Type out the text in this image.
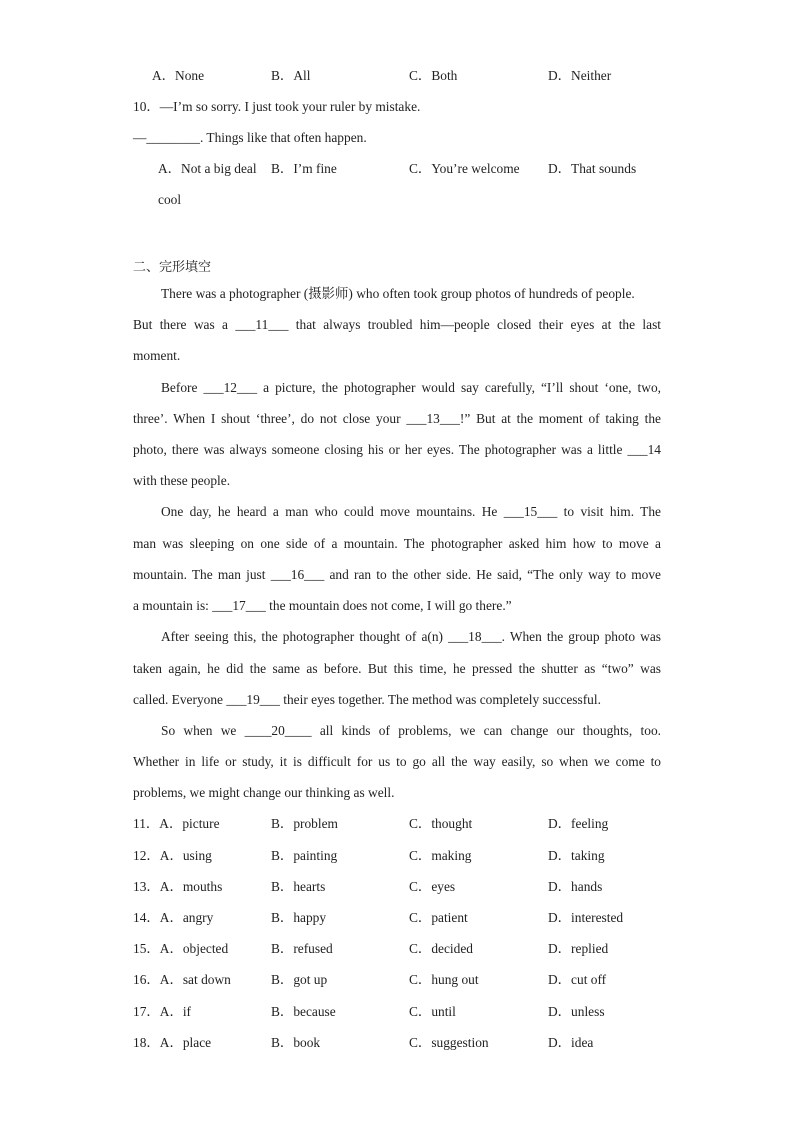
A．None	B．All	C．Both	D．Neither
10．—I’m so sorry. I just took your ruler by mistake.
—________. Things like that often happen.
A．Not a big deal B．I’m fine	C．You’re welcome D．That sounds
cool
二、完形填空
There was a photographer (摄影师) who often took group photos of hundreds of people.
But there was a ___11___ that always troubled him—people closed their eyes at the last
moment.
Before ___12___ a picture, the photographer would say carefully, “I’ll shout ‘one, two,
three’. When I shout ‘three’, do not close your ___13___!” But at the moment of taking the
photo, there was always someone closing his or her eyes. The photographer was a little ___14
with these people.
One day, he heard a man who could move mountains. He ___15___ to visit him. The
man was sleeping on one side of a mountain. The photographer asked him how to move a
mountain. The man just ___16___ and ran to the other side. He said, “The only way to move
a mountain is: ___17___ the mountain does not come, I will go there.”
After seeing this, the photographer thought of a(n) ___18___. When the group photo was
taken again, he did the same as before. But this time, he pressed the shutter as “two” was
called. Everyone ___19___ their eyes together. The method was completely successful.
So when we ____20____ all kinds of problems, we can change our thoughts, too.
Whether in life or study, it is difficult for us to go all the way easily, so when we come to
problems, we might change our thinking as well.
11．A．picture	B．problem	C．thought	D．feeling
12．A．using	B．painting	C．making	D．taking
13．A．mouths	B．hearts	C．eyes	D．hands
14．A．angry	B．happy	C．patient	D．interested
15．A．objected	B．refused	C．decided	D．replied
16．A．sat down	B．got up	C．hung out	D．cut off
17．A．if	B．because	C．until	D．unless
18．A．place	B．book	C．suggestion	D．idea
